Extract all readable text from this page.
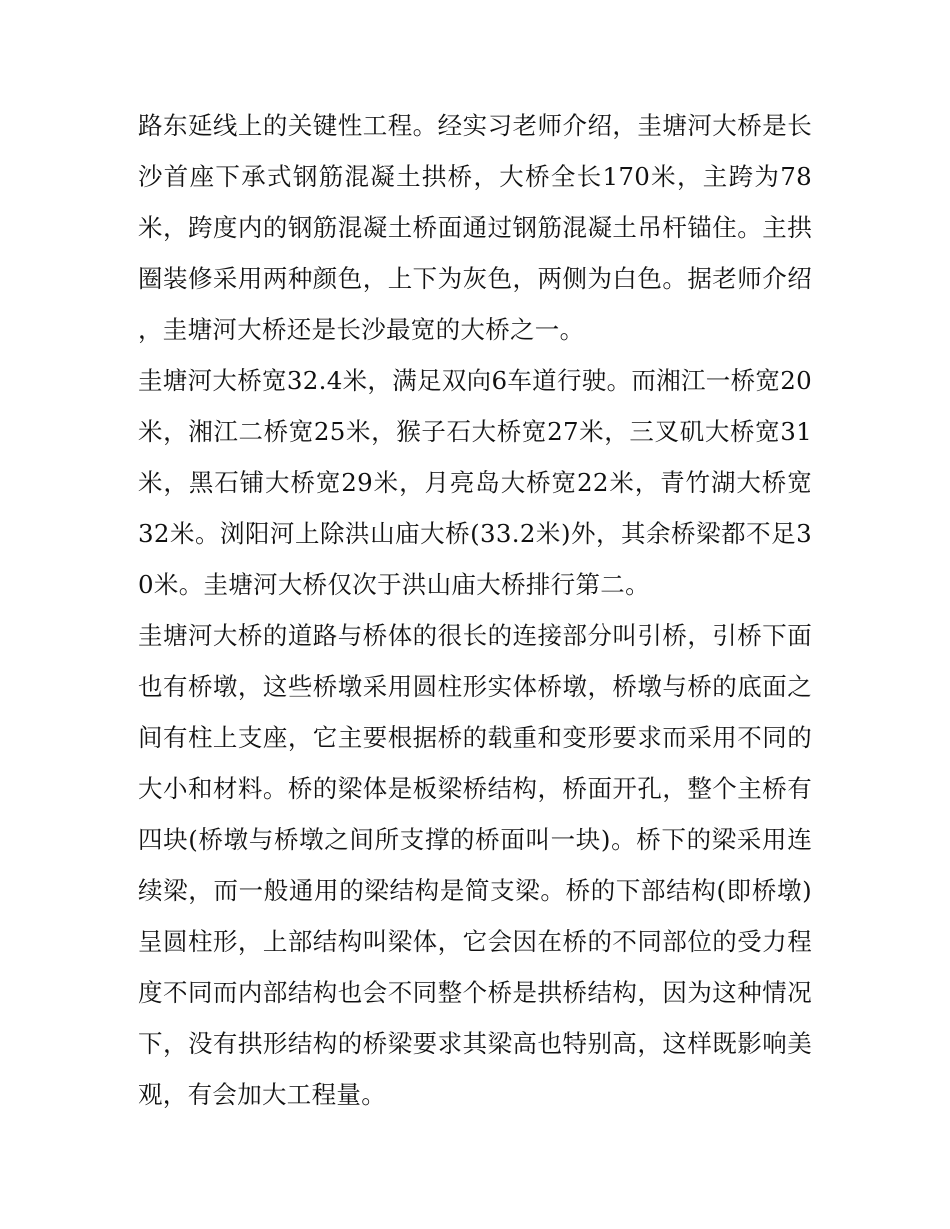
路东延线上的关键性工程。经实习老师介绍，圭塘河大桥是长沙首座下承式钢筋混凝土拱桥，大桥全长170米，主跨为78米，跨度内的钢筋混凝土桥面通过钢筋混凝土吊杆锚住。主拱圈装修采用两种颜色，上下为灰色，两侧为白色。据老师介绍，圭塘河大桥还是长沙最宽的大桥之一。

圭塘河大桥宽32.4米，满足双向6车道行驶。而湘江一桥宽20米，湘江二桥宽25米，猴子石大桥宽27米，三叉矶大桥宽31米，黑石铺大桥宽29米，月亮岛大桥宽22米，青竹湖大桥宽32米。浏阳河上除洪山庙大桥(33.2米)外，其余桥梁都不足30米。圭塘河大桥仅次于洪山庙大桥排行第二。

圭塘河大桥的道路与桥体的很长的连接部分叫引桥，引桥下面也有桥墩，这些桥墩采用圆柱形实体桥墩，桥墩与桥的底面之间有柱上支座，它主要根据桥的载重和变形要求而采用不同的大小和材料。桥的梁体是板梁桥结构，桥面开孔，整个主桥有四块(桥墩与桥墩之间所支撑的桥面叫一块)。桥下的梁采用连续梁，而一般通用的梁结构是简支梁。桥的下部结构(即桥墩)呈圆柱形，上部结构叫梁体，它会因在桥的不同部位的受力程度不同而内部结构也会不同整个桥是拱桥结构，因为这种情况下，没有拱形结构的桥梁要求其梁高也特别高，这样既影响美观，有会加大工程量。
